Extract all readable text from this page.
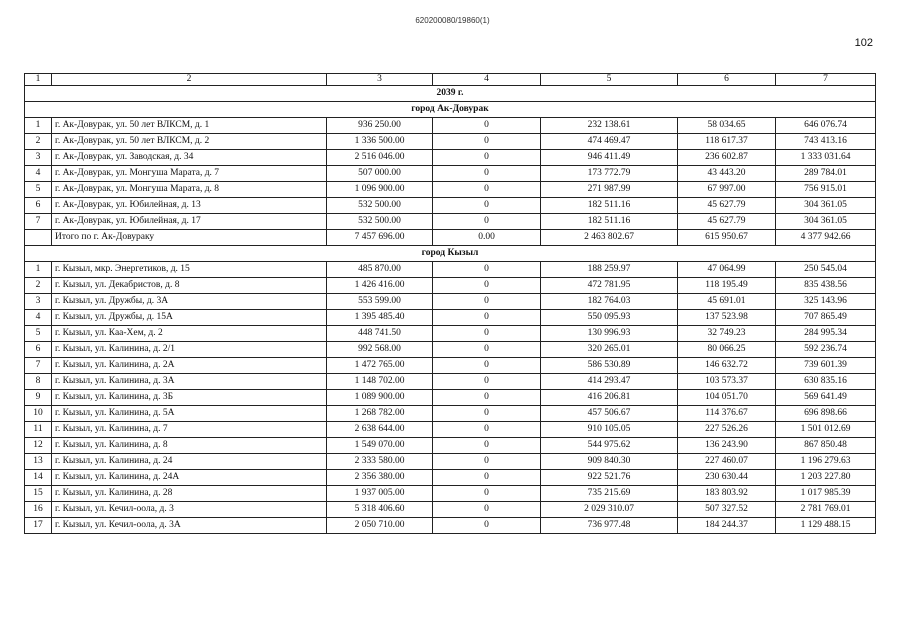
620200080/19860(1)
102
1	2	3	4	5	6	7
2039 г.						
город Ак-Довурак						
1	г. Ак-Довурак, ул. 50 лет ВЛКСМ, д. 1	936 250.00	0	232 138.61	58 034.65	646 076.74
2	г. Ак-Довурак, ул. 50 лет ВЛКСМ, д. 2	1 336 500.00	0	474 469.47	118 617.37	743 413.16
3	г. Ак-Довурак, ул. Заводская, д. 34	2 516 046.00	0	946 411.49	236 602.87	1 333 031.64
4	г. Ак-Довурак, ул. Монгуша Марата, д. 7	507 000.00	0	173 772.79	43 443.20	289 784.01
5	г. Ак-Довурак, ул. Монгуша Марата, д. 8	1 096 900.00	0	271 987.99	67 997.00	756 915.01
6	г. Ак-Довурак, ул. Юбилейная, д. 13	532 500.00	0	182 511.16	45 627.79	304 361.05
7	г. Ак-Довурак, ул. Юбилейная, д. 17	532 500.00	0	182 511.16	45 627.79	304 361.05
	Итого по г. Ак-Довураку	7 457 696.00	0.00	2 463 802.67	615 950.67	4 377 942.66
город Кызыл						
1	г. Кызыл, мкр. Энергетиков, д. 15	485 870.00	0	188 259.97	47 064.99	250 545.04
2	г. Кызыл, ул. Декабристов, д. 8	1 426 416.00	0	472 781.95	118 195.49	835 438.56
3	г. Кызыл, ул. Дружбы, д. 3А	553 599.00	0	182 764.03	45 691.01	325 143.96
4	г. Кызыл, ул. Дружбы, д. 15А	1 395 485.40	0	550 095.93	137 523.98	707 865.49
5	г. Кызыл, ул. Каа-Хем, д. 2	448 741.50	0	130 996.93	32 749.23	284 995.34
6	г. Кызыл, ул. Калинина, д. 2/1	992 568.00	0	320 265.01	80 066.25	592 236.74
7	г. Кызыл, ул. Калинина, д. 2А	1 472 765.00	0	586 530.89	146 632.72	739 601.39
8	г. Кызыл, ул. Калинина, д. 3А	1 148 702.00	0	414 293.47	103 573.37	630 835.16
9	г. Кызыл, ул. Калинина, д. 3Б	1 089 900.00	0	416 206.81	104 051.70	569 641.49
10	г. Кызыл, ул. Калинина, д. 5А	1 268 782.00	0	457 506.67	114 376.67	696 898.66
11	г. Кызыл, ул. Калинина, д. 7	2 638 644.00	0	910 105.05	227 526.26	1 501 012.69
12	г. Кызыл, ул. Калинина, д. 8	1 549 070.00	0	544 975.62	136 243.90	867 850.48
13	г. Кызыл, ул. Калинина, д. 24	2 333 580.00	0	909 840.30	227 460.07	1 196 279.63
14	г. Кызыл, ул. Калинина, д. 24А	2 356 380.00	0	922 521.76	230 630.44	1 203 227.80
15	г. Кызыл, ул. Калинина, д. 28	1 937 005.00	0	735 215.69	183 803.92	1 017 985.39
16	г. Кызыл, ул. Кечил-оола, д. 3	5 318 406.60	0	2 029 310.07	507 327.52	2 781 769.01
17	г. Кызыл, ул. Кечил-оола, д. 3А	2 050 710.00	0	736 977.48	184 244.37	1 129 488.15
